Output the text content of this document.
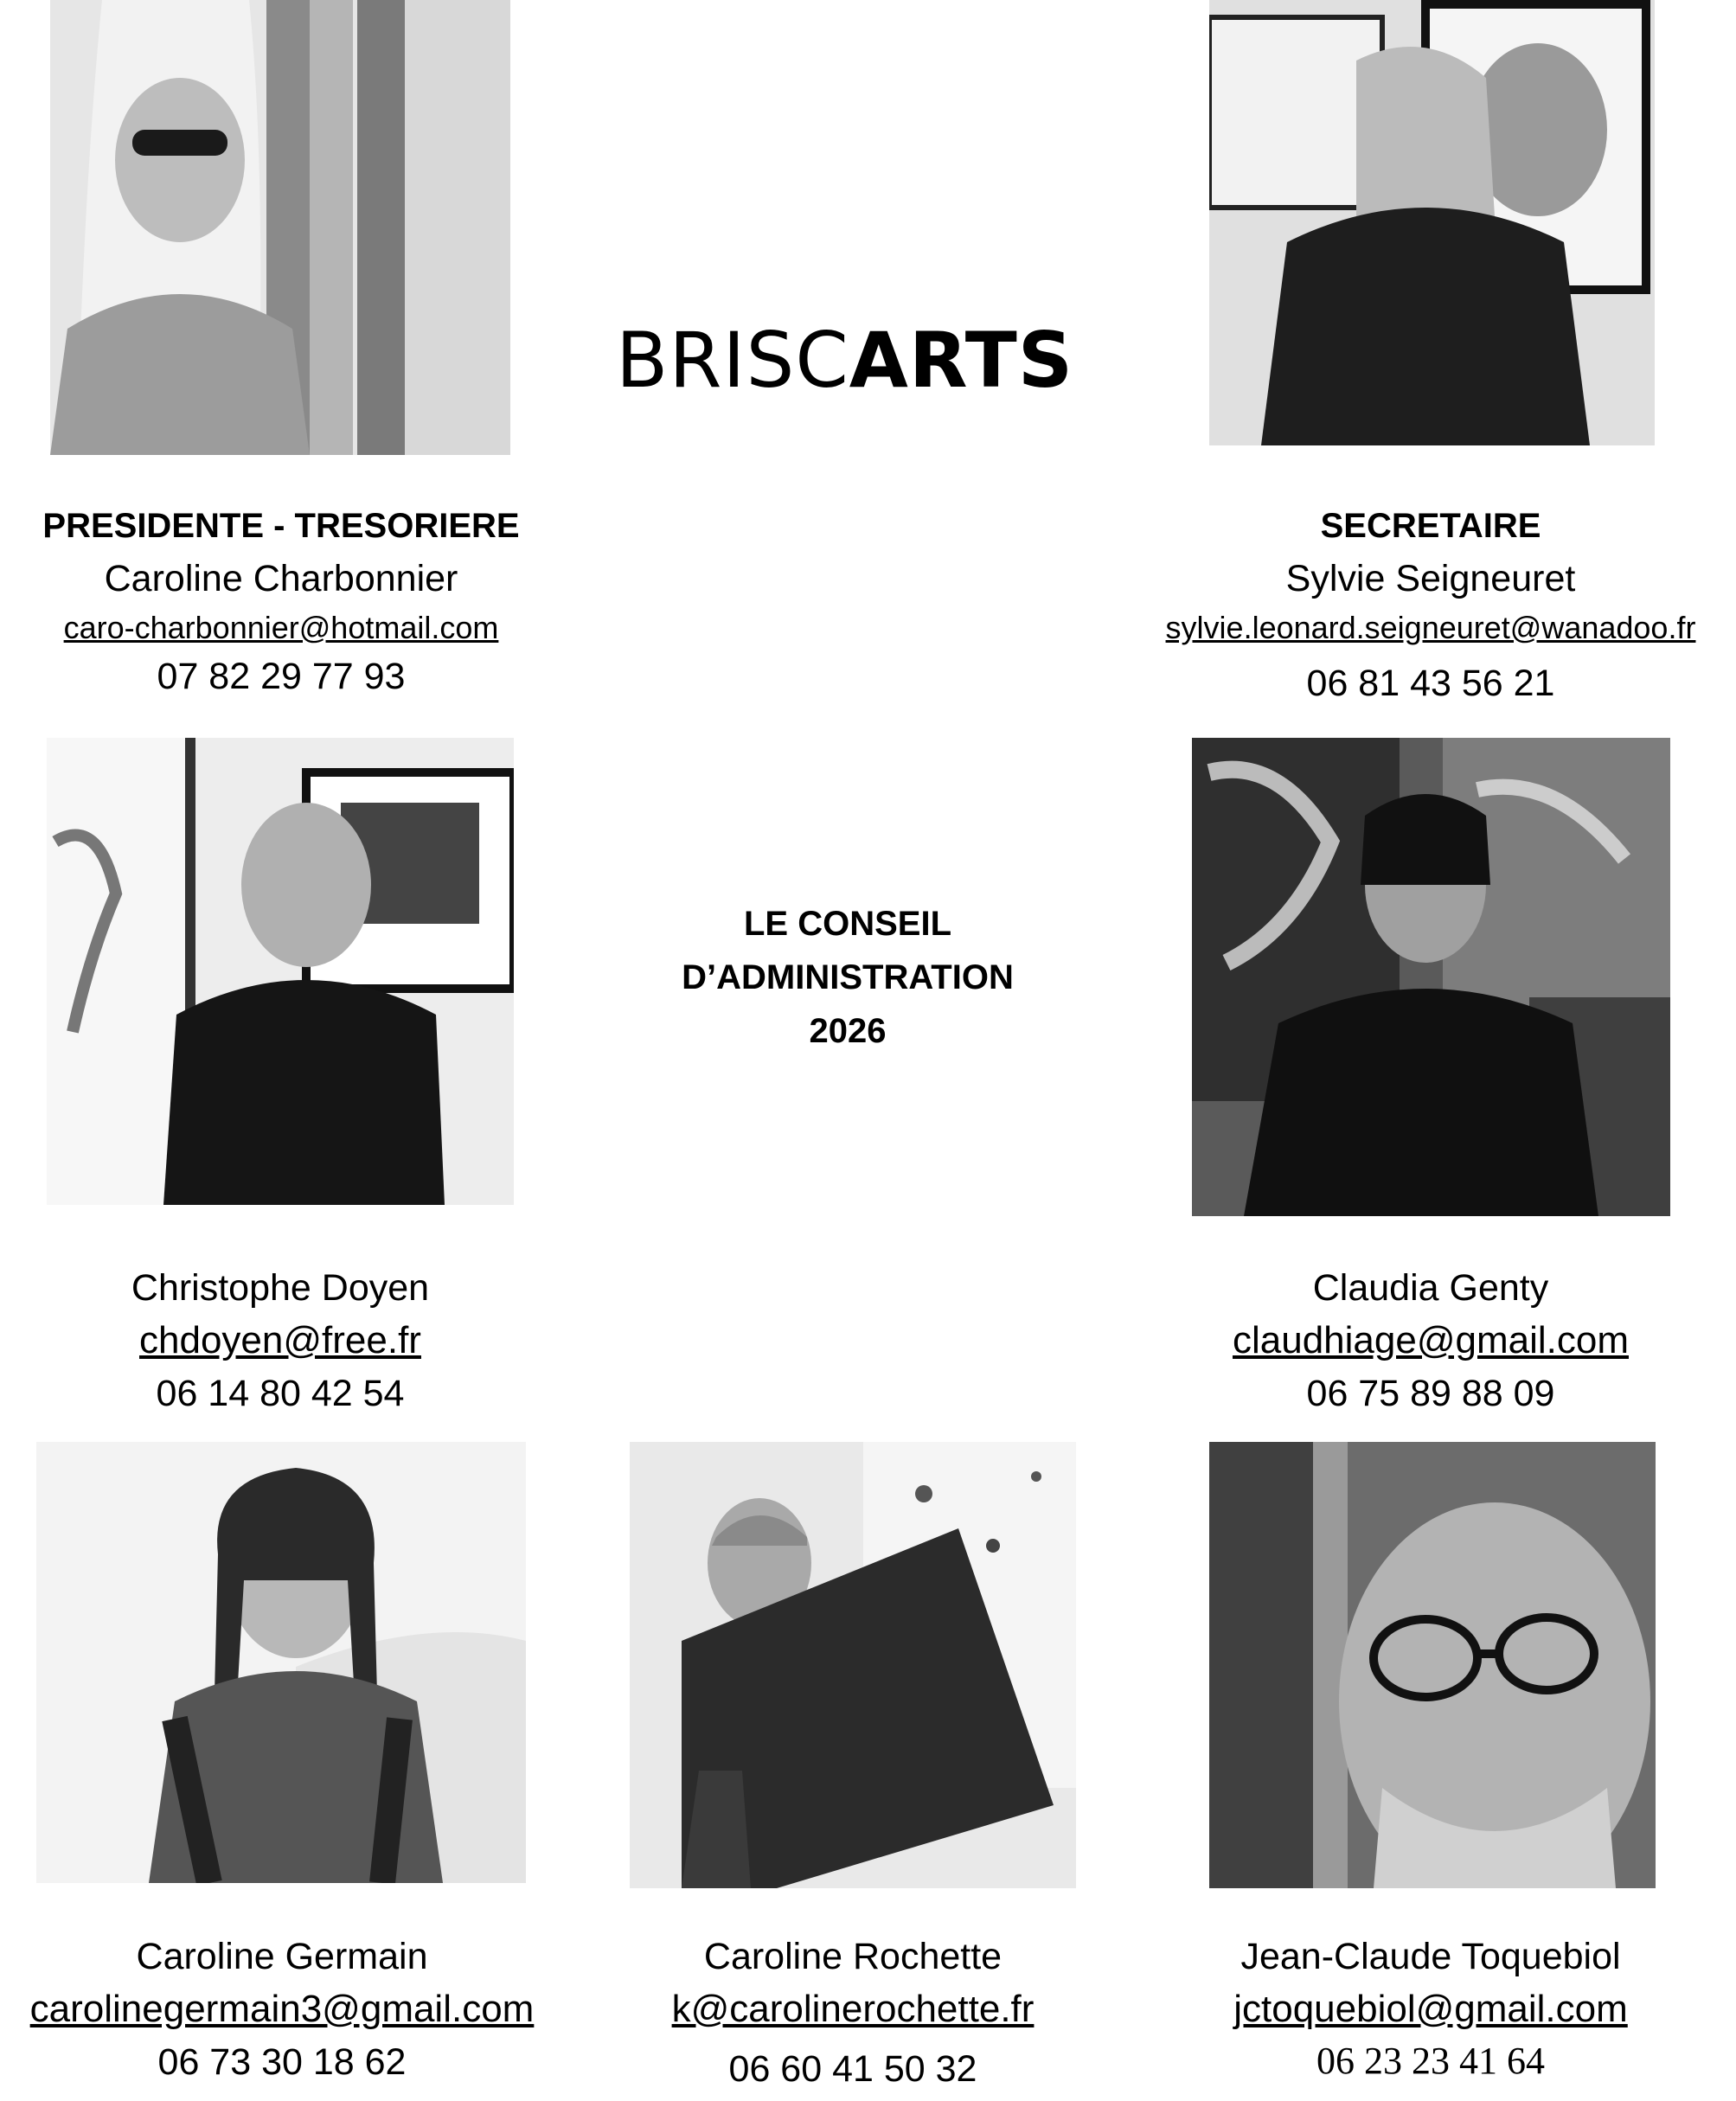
BRISCARTS
PRESIDENTE - TRESORIERE
Caroline Charbonnier
caro-charbonnier@hotmail.com
07 82 29 77 93
SECRETAIRE
Sylvie Seigneuret
sylvie.leonard.seigneuret@wanadoo.fr
06 81 43 56 21
LE CONSEIL
D’ADMINISTRATION
2026
Christophe Doyen
chdoyen@free.fr
06 14 80 42 54
Claudia Genty
claudhiage@gmail.com
06 75 89 88 09
Caroline Germain
carolinegermain3@gmail.com
06 73 30 18 62
Caroline Rochette
k@carolinerochette.fr
06 60 41 50 32
Jean-Claude Toquebiol
jctoquebiol@gmail.com
06 23 23 41 64
